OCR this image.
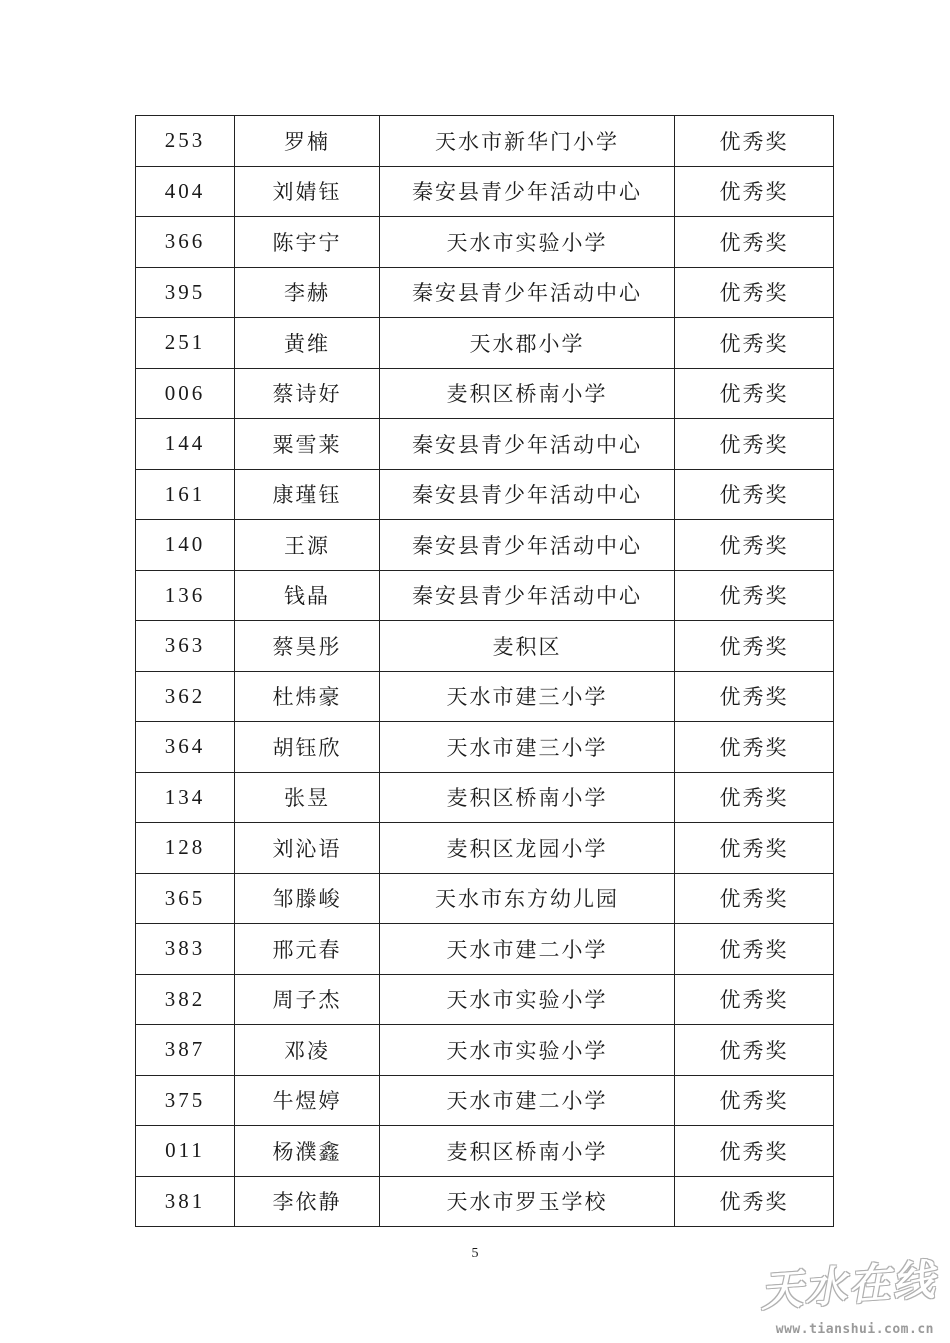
253	罗楠	天水市新华门小学	优秀奖
404	刘婧钰	秦安县青少年活动中心	优秀奖
366	陈宇宁	天水市实验小学	优秀奖
395	李赫	秦安县青少年活动中心	优秀奖
251	黄维	天水郡小学	优秀奖
006	蔡诗好	麦积区桥南小学	优秀奖
144	粟雪莱	秦安县青少年活动中心	优秀奖
161	康瑾钰	秦安县青少年活动中心	优秀奖
140	王源	秦安县青少年活动中心	优秀奖
136	钱晶	秦安县青少年活动中心	优秀奖
363	蔡昊彤	麦积区	优秀奖
362	杜炜豪	天水市建三小学	优秀奖
364	胡钰欣	天水市建三小学	优秀奖
134	张昱	麦积区桥南小学	优秀奖
128	刘沁语	麦积区龙园小学	优秀奖
365	邹滕峻	天水市东方幼儿园	优秀奖
383	邢元春	天水市建二小学	优秀奖
382	周子杰	天水市实验小学	优秀奖
387	邓凌	天水市实验小学	优秀奖
375	牛煜婷	天水市建二小学	优秀奖
011	杨濮鑫	麦积区桥南小学	优秀奖
381	李依静	天水市罗玉学校	优秀奖
5
天水在线
www.tianshui.com.cn
